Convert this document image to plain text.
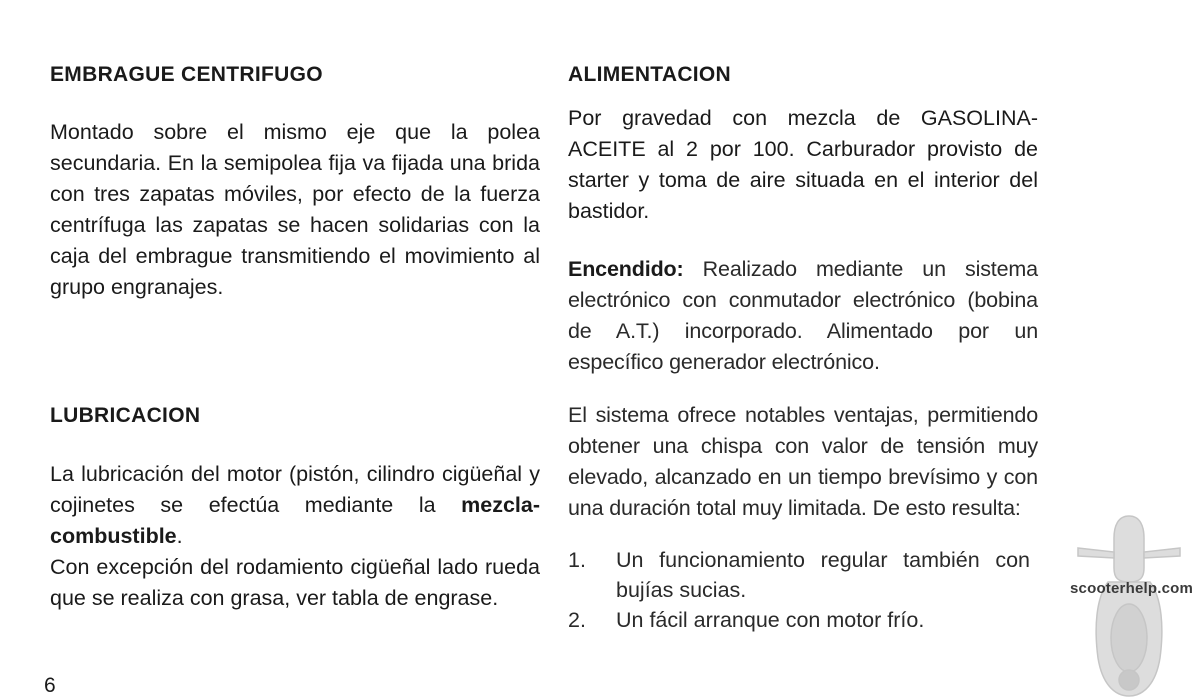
EMBRAGUE CENTRIFUGO

Montado sobre el mismo eje que la polea secundaria. En la semipolea fija va fijada una brida con tres zapatas móviles, por efecto de la fuerza centrífuga las zapatas se hacen solidarias con la caja del embrague transmitiendo el movimiento al grupo engranajes.

LUBRICACION

La lubricación del motor (pistón, cilindro cigüeñal y cojinetes se efectúa mediante la mezcla-combustible.

Con excepción del rodamiento cigüeñal lado rueda que se realiza con grasa, ver tabla de engrase.

6

ALIMENTACION

Por gravedad con mezcla de GASOLINA-ACEITE al 2 por 100. Carburador provisto de starter y toma de aire situada en el interior del bastidor.

Encendido: Realizado mediante un sistema electrónico con conmutador electrónico (bobina de A.T.) incorporado. Alimentado por un específico generador electrónico.

El sistema ofrece notables ventajas, permitiendo obtener una chispa con valor de tensión muy elevado, alcanzado en un tiempo brevísimo y con una duración total muy limitada. De esto resulta:

1. Un funcionamiento regular también con bujías sucias.
2. Un fácil arranque con motor frío.
scooterhelp.com
